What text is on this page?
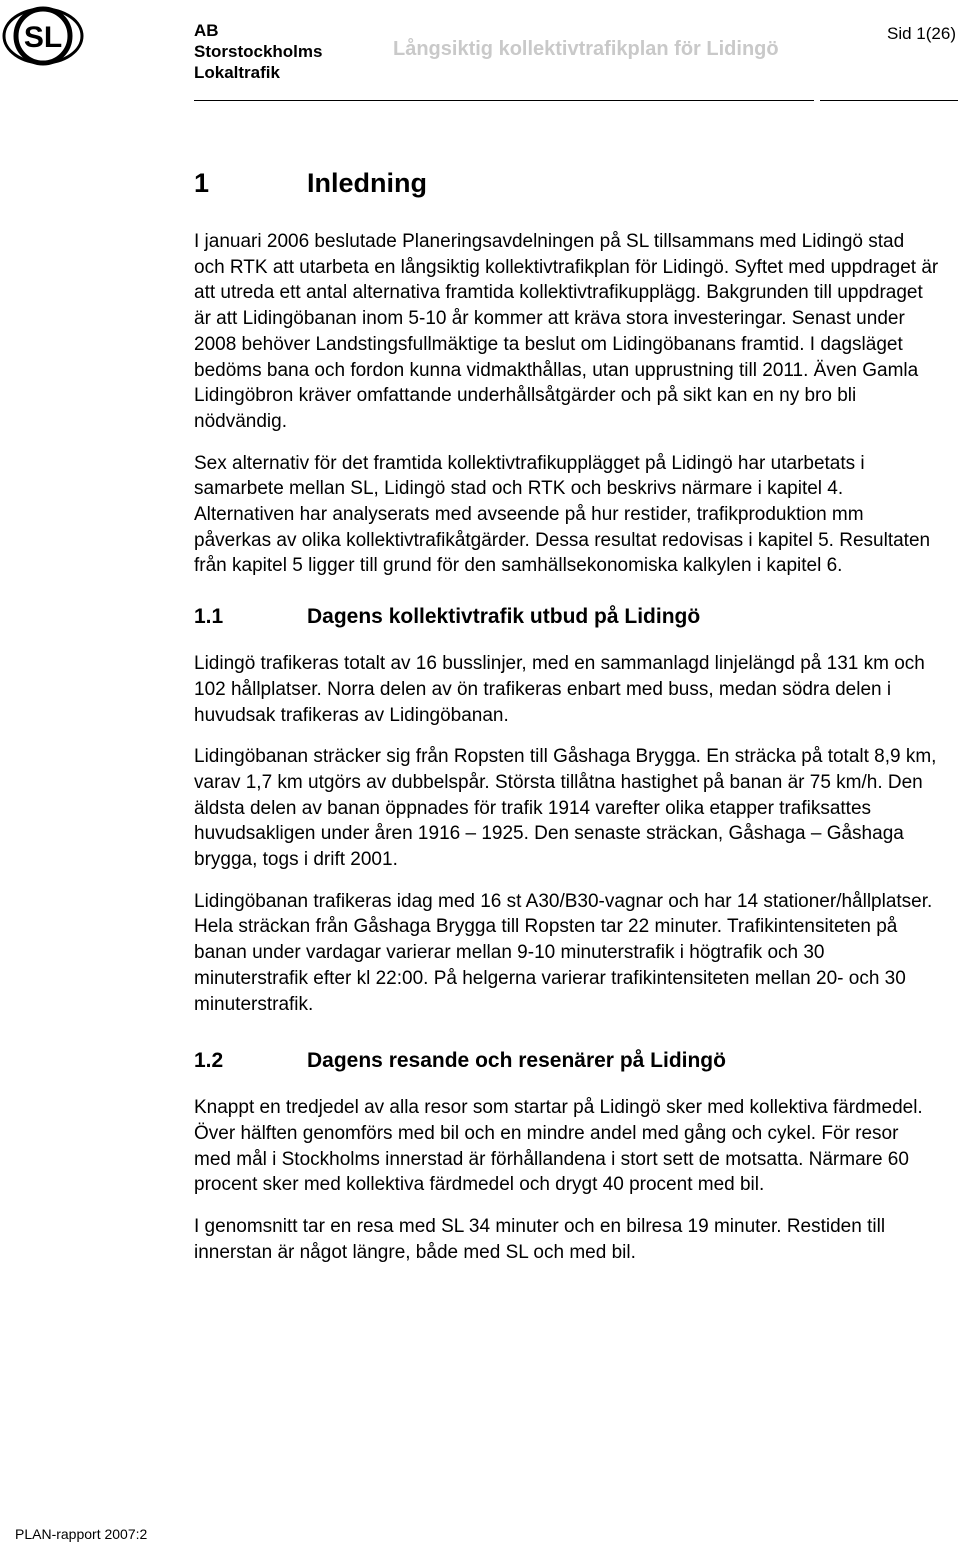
SL	AB
Storstockholms
Lokaltrafik
Långsiktig kollektivtrafikplan för Lidingö
Sid 1(26)
1	Inledning

I januari 2006 beslutade Planeringsavdelningen på SL tillsammans med Lidingö stad och RTK att utarbeta en långsiktig kollektivtrafikplan för Lidingö. Syftet med uppdraget är att utreda ett antal alternativa framtida kollektivtrafikupplägg. Bakgrunden till uppdraget är att Lidingöbanan inom 5-10 år kommer att kräva stora investeringar. Senast under 2008 behöver Landstingsfullmäktige ta beslut om Lidingöbanans framtid. I dagsläget bedöms bana och fordon kunna vidmakthållas, utan upprustning till 2011. Även Gamla Lidingöbron kräver omfattande underhållsåtgärder och på sikt kan en ny bro bli nödvändig.

Sex alternativ för det framtida kollektivtrafikupplägget på Lidingö har utarbetats i samarbete mellan SL, Lidingö stad och RTK och beskrivs närmare i kapitel 4. Alternativen har analyserats med avseende på hur restider, trafikproduktion mm påverkas av olika kollektivtrafikåtgärder. Dessa resultat redovisas i kapitel 5. Resultaten från kapitel 5 ligger till grund för den samhällsekonomiska kalkylen i kapitel 6.

1.1	Dagens kollektivtrafik utbud på Lidingö

Lidingö trafikeras totalt av 16 busslinjer, med en sammanlagd linjelängd på 131 km och 102 hållplatser. Norra delen av ön trafikeras enbart med buss, medan södra delen i huvudsak trafikeras av Lidingöbanan.

Lidingöbanan sträcker sig från Ropsten till Gåshaga Brygga. En sträcka på totalt 8,9 km, varav 1,7 km utgörs av dubbelspår. Största tillåtna hastighet på banan är 75 km/h. Den äldsta delen av banan öppnades för trafik 1914 varefter olika etapper trafiksattes huvudsakligen under åren 1916 – 1925. Den senaste sträckan, Gåshaga – Gåshaga brygga, togs i drift 2001.

Lidingöbanan trafikeras idag med 16 st A30/B30-vagnar och har 14 stationer/hållplatser. Hela sträckan från Gåshaga Brygga till Ropsten tar 22 minuter. Trafikintensiteten på banan under vardagar varierar mellan 9-10 minuterstrafik i högtrafik och 30 minuterstrafik efter kl 22:00. På helgerna varierar trafikintensiteten mellan 20- och 30 minuterstrafik.

1.2	Dagens resande och resenärer på Lidingö

Knappt en tredjedel av alla resor som startar på Lidingö sker med kollektiva färdmedel. Över hälften genomförs med bil och en mindre andel med gång och cykel. För resor med mål i Stockholms innerstad är förhållandena i stort sett de motsatta. Närmare 60 procent sker med kollektiva färdmedel och drygt 40 procent med bil.

I genomsnitt tar en resa med SL 34 minuter och en bilresa 19 minuter. Restiden till innerstan är något längre, både med SL och med bil.

PLAN-rapport 2007:2
